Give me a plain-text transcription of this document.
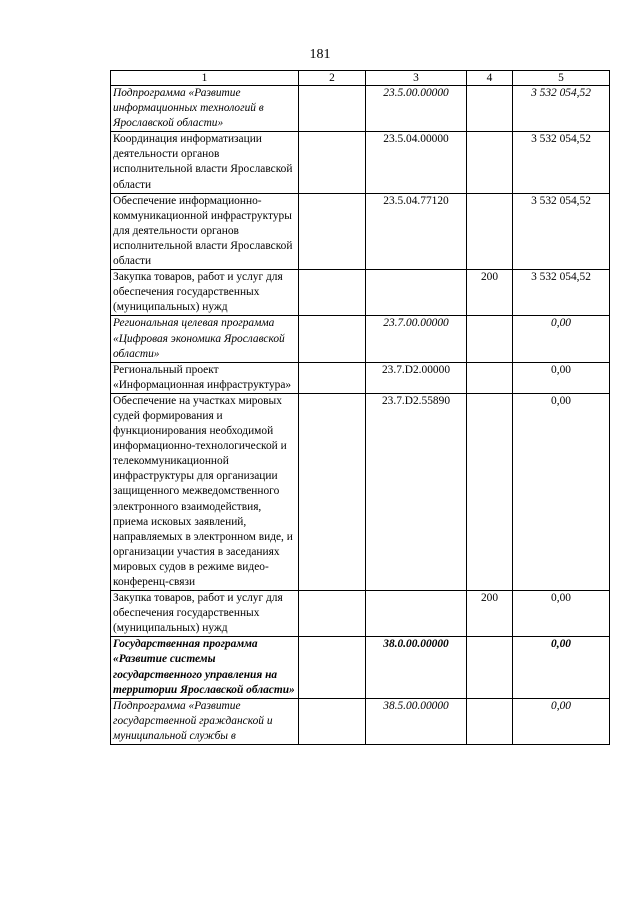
181
1	2	3	4	5
Подпрограмма «Развитие информационных технологий в Ярославской области»		23.5.00.00000		3 532 054,52
Координация информатизации деятельности органов исполнительной власти Ярославской области		23.5.04.00000		3 532 054,52
Обеспечение информационно-коммуникационной инфраструктуры для деятельности органов исполнительной власти Ярославской области		23.5.04.77120		3 532 054,52
Закупка товаров, работ и услуг для обеспечения государственных (муниципальных) нужд			200	3 532 054,52
Региональная целевая программа «Цифровая экономика Ярославской области»		23.7.00.00000		0,00
Региональный проект «Информационная инфраструктура»		23.7.D2.00000		0,00
Обеспечение на участках мировых судей формирования и функционирования необходимой информационно-технологической и телекоммуникационной инфраструктуры для организации защищенного межведомственного электронного взаимодействия, приема исковых заявлений, направляемых в электронном виде, и организации участия в заседаниях мировых судов в режиме видео-конференц-связи		23.7.D2.55890		0,00
Закупка товаров, работ и услуг для обеспечения государственных (муниципальных) нужд			200	0,00
Государственная программа «Развитие системы государственного управления на территории Ярославской области»		38.0.00.00000		0,00
Подпрограмма «Развитие государственной гражданской и муниципальной службы в		38.5.00.00000		0,00
